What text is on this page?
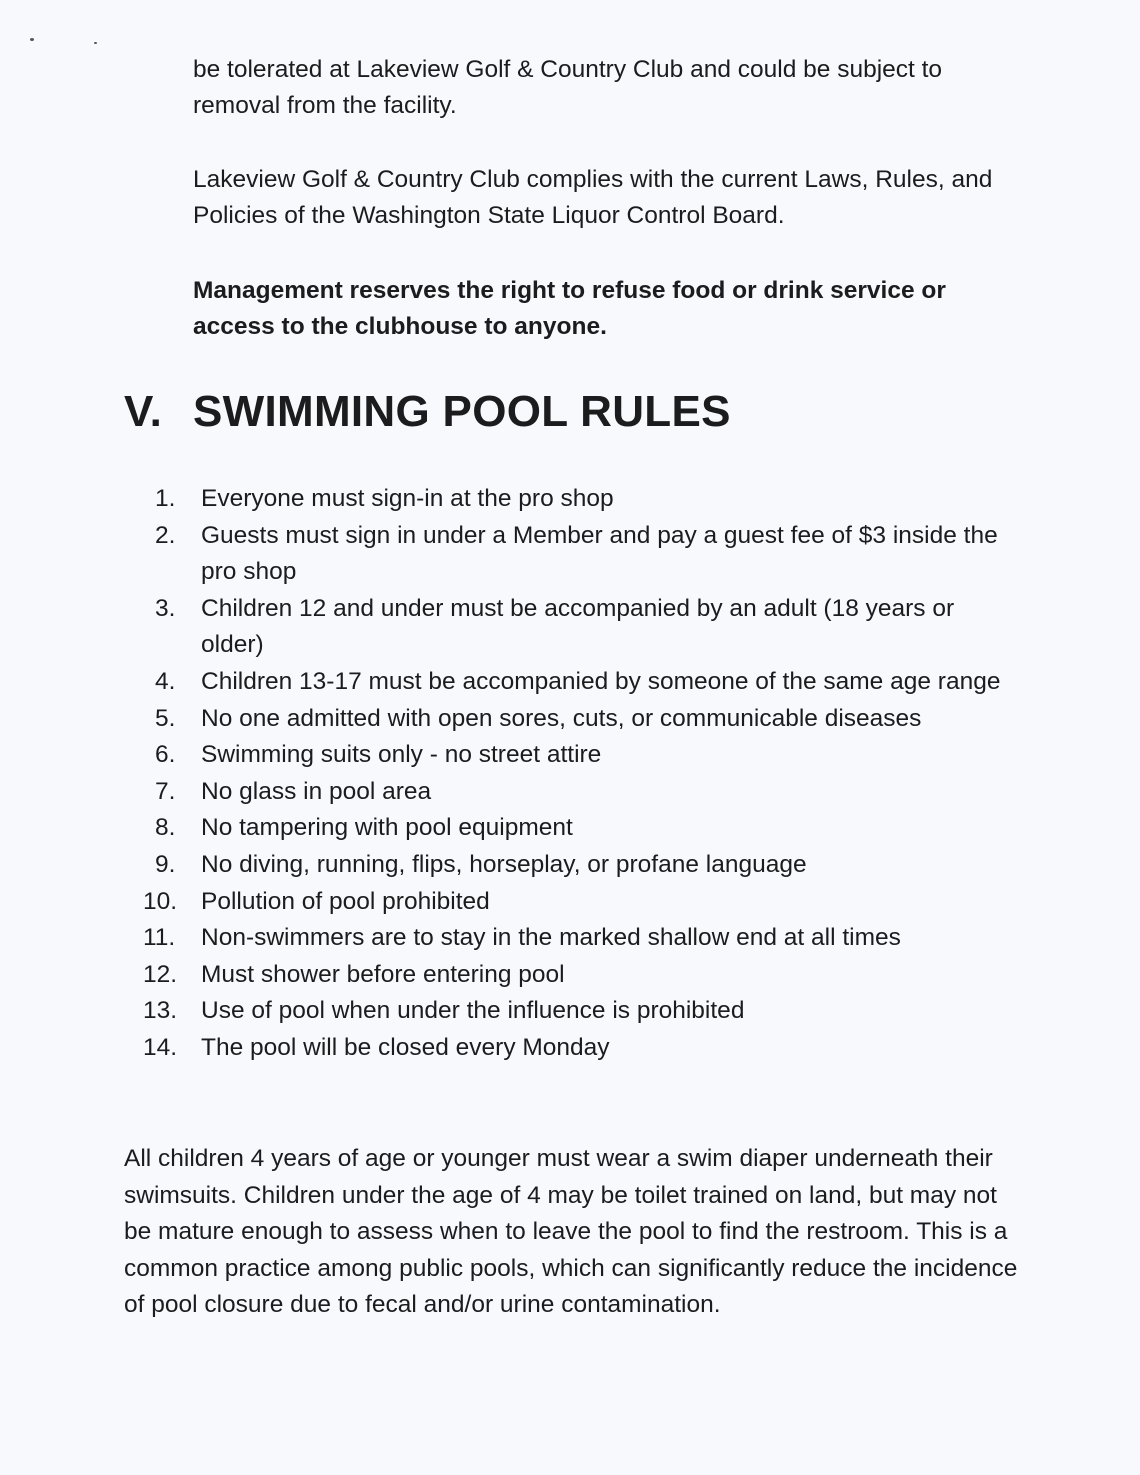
be tolerated at Lakeview Golf & Country Club and could be subject to removal from the facility.

Lakeview Golf & Country Club complies with the current Laws, Rules, and Policies of the Washington State Liquor Control Board.

Management reserves the right to refuse food or drink service or access to the clubhouse to anyone.

V. SWIMMING POOL RULES
1.	Everyone must sign-in at the pro shop
2.	Guests must sign in under a Member and pay a guest fee of $3 inside the pro shop
3.	Children 12 and under must be accompanied by an adult (18 years or older)
4.	Children 13-17 must be accompanied by someone of the same age range
5.	No one admitted with open sores, cuts, or communicable diseases
6.	Swimming suits only - no street attire
7.	No glass in pool area
8.	No tampering with pool equipment
9.	No diving, running, flips, horseplay, or profane language
10. Pollution of pool prohibited
11.	Non-swimmers are to stay in the marked shallow end at all times
12. Must shower before entering pool
13. Use of pool when under the influence is prohibited
14. The pool will be closed every Monday

All children 4 years of age or younger must wear a swim diaper underneath their swimsuits. Children under the age of 4 may be toilet trained on land, but may not be mature enough to assess when to leave the pool to find the restroom. This is a common practice among public pools, which can significantly reduce the incidence of pool closure due to fecal and/or urine contamination.
